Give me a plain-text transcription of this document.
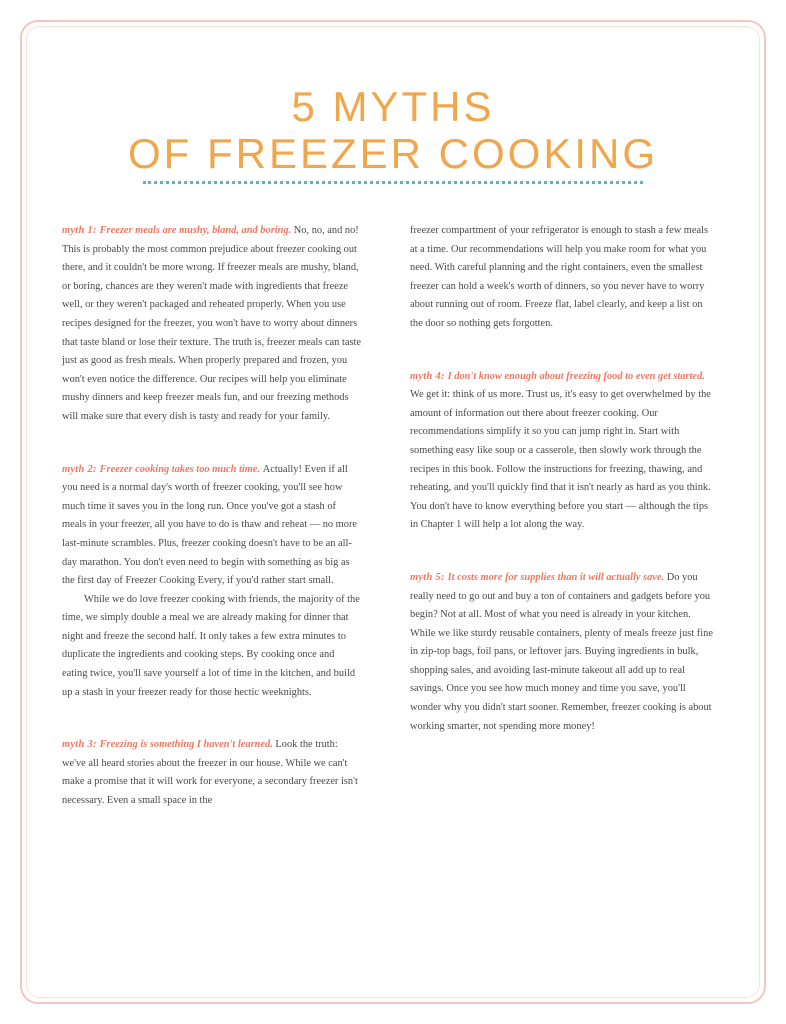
5 MYTHS
OF FREEZER COOKING

myth 1: Freezer meals are mushy, bland, and boring. No, no, and no! This is probably the most common prejudice about freezer cooking out there, and it couldn't be more wrong. If freezer meals are mushy, bland, or boring, chances are they weren't made with ingredients that freeze well, or they weren't packaged and reheated properly. When you use recipes designed for the freezer, you won't have to worry about dinners that taste bland or lose their texture. The truth is, freezer meals can taste just as good as fresh meals. When properly prepared and frozen, you won't even notice the difference. Our recipes will help you eliminate mushy dinners and keep freezer meals fun, and our freezing methods will make sure that every dish is tasty and ready for your family.

myth 2: Freezer cooking takes too much time. Actually! Even if all you need is a normal day's worth of freezer cooking, you'll see how much time it saves you in the long run. Once you've got a stash of meals in your freezer, all you have to do is thaw and reheat — no more last-minute scrambles. Plus, freezer cooking doesn't have to be an all-day marathon. You don't even need to begin with something as big as the first day of Freezer Cooking Every, if you'd rather start small.

While we do love freezer cooking with friends, the majority of the time, we simply double a meal we are already making for dinner that night and freeze the second half. It only takes a few extra minutes to duplicate the ingredients and cooking steps. By cooking once and eating twice, you'll save yourself a lot of time in the kitchen, and build up a stash in your freezer ready for those hectic weeknights.

myth 3: Freezing is something I haven't learned. Look the truth: we've all heard stories about the freezer in our house. While we can't make a promise that it will work for everyone, a secondary freezer isn't necessary. Even a small space in the

freezer compartment of your refrigerator is enough to stash a few meals at a time. Our recommendations will help you make room for what you need. With careful planning and the right containers, even the smallest freezer can hold a week's worth of dinners, so you never have to worry about running out of room. Freeze flat, label clearly, and keep a list on the door so nothing gets forgotten.

myth 4: I don't know enough about freezing food to even get started. We get it: think of us more. Trust us, it's easy to get overwhelmed by the amount of information out there about freezer cooking. Our recommendations simplify it so you can jump right in. Start with something easy like soup or a casserole, then slowly work through the recipes in this book. Follow the instructions for freezing, thawing, and reheating, and you'll quickly find that it isn't nearly as hard as you think. You don't have to know everything before you start — although the tips in Chapter 1 will help a lot along the way.

myth 5: It costs more for supplies than it will actually save. Do you really need to go out and buy a ton of containers and gadgets before you begin? Not at all. Most of what you need is already in your kitchen. While we like sturdy reusable containers, plenty of meals freeze just fine in zip-top bags, foil pans, or leftover jars. Buying ingredients in bulk, shopping sales, and avoiding last-minute takeout all add up to real savings. Once you see how much money and time you save, you'll wonder why you didn't start sooner. Remember, freezer cooking is about working smarter, not spending more money!
